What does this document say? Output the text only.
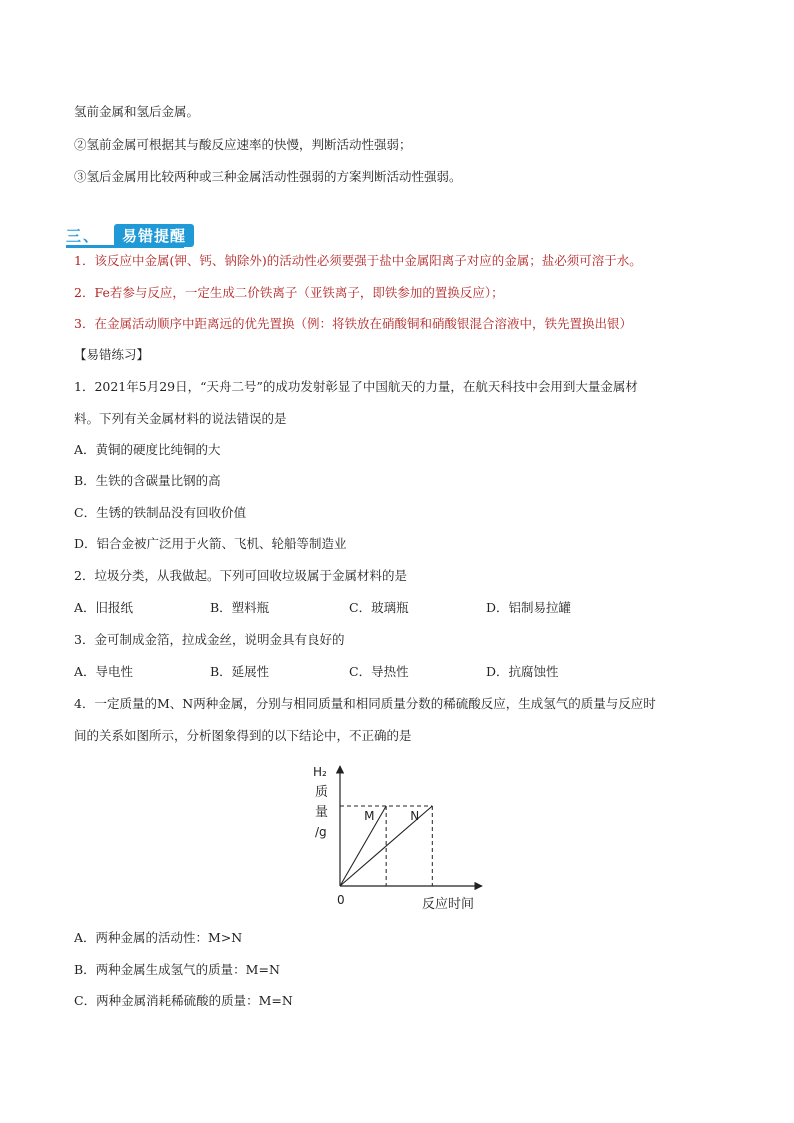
氢前金属和氢后金属。
②氢前金属可根据其与酸反应速率的快慢，判断活动性强弱；
③氢后金属用比较两种或三种金属活动性强弱的方案判断活动性强弱。
三、	易错提醒
1．该反应中金属(钾、钙、钠除外)的活动性必须要强于盐中金属阳离子对应的金属；盐必须可溶于水。
2．Fe若参与反应，一定生成二价铁离子（亚铁离子，即铁参加的置换反应）；
3．在金属活动顺序中距离远的优先置换（例：将铁放在硝酸铜和硝酸银混合溶液中，铁先置换出银）
【易错练习】
1．2021年5月29日，“天舟二号”的成功发射彰显了中国航天的力量，在航天科技中会用到大量金属材
料。下列有关金属材料的说法错误的是
A．黄铜的硬度比纯铜的大
B．生铁的含碳量比钢的高
C．生锈的铁制品没有回收价值
D．铝合金被广泛用于火箭、飞机、轮船等制造业
2．垃圾分类，从我做起。下列可回收垃圾属于金属材料的是
A．旧报纸	B．塑料瓶	C．玻璃瓶	D．铝制易拉罐
3．金可制成金箔，拉成金丝，说明金具有良好的
A．导电性	B．延展性	C．导热性	D．抗腐蚀性
4．一定质量的M、N两种金属，分别与相同质量和相同质量分数的稀硫酸反应，生成氢气的质量与反应时
间的关系如图所示，分析图象得到的以下结论中，不正确的是
H₂
质
量
/g
0	反应时间
M	N
A．两种金属的活动性：M>N
B．两种金属生成氢气的质量：M=N
C．两种金属消耗稀硫酸的质量：M=N
